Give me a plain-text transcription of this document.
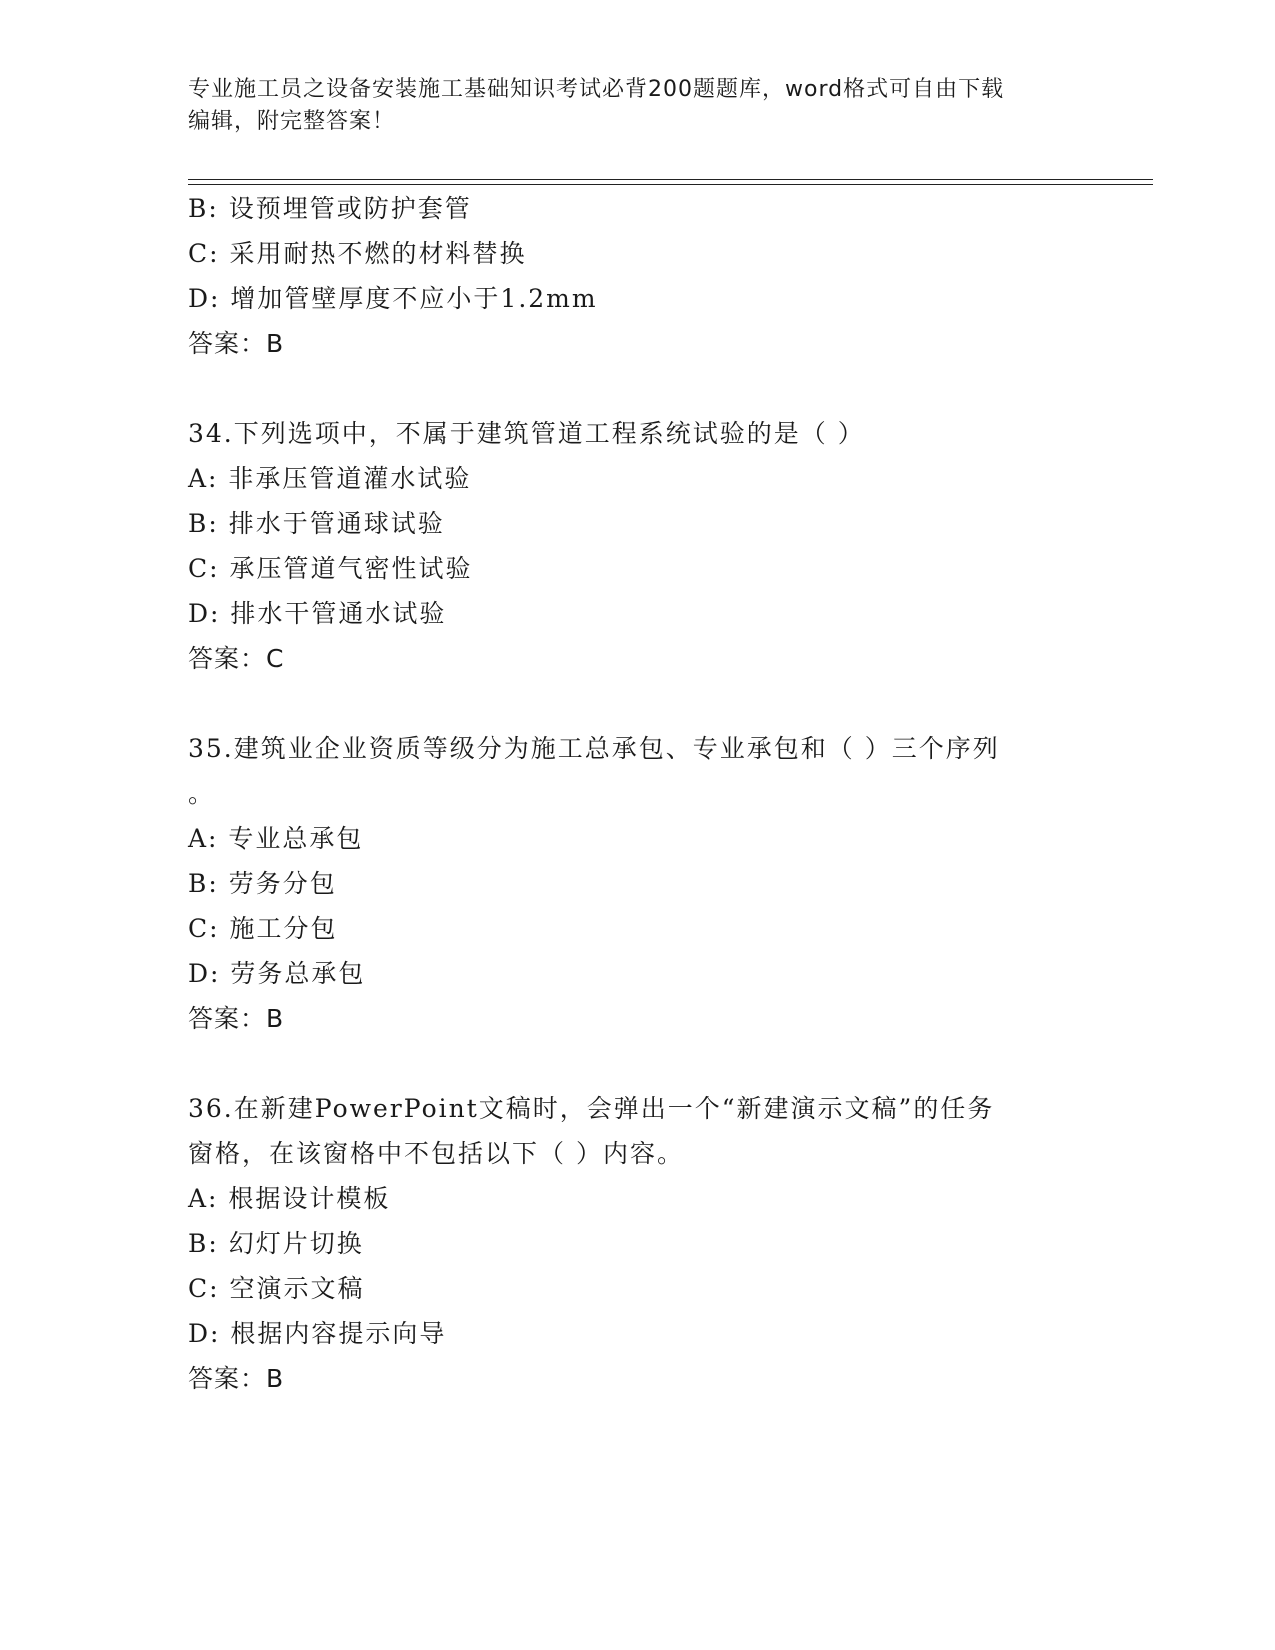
专业施工员之设备安装施工基础知识考试必背200题题库，word格式可自由下载
编辑，附完整答案！
B: 设预埋管或防护套管
C: 采用耐热不燃的材料替换
D: 增加管壁厚度不应小于1.2mm
答案：B
34.下列选项中，不属于建筑管道工程系统试验的是（ ）
A: 非承压管道灌水试验
B: 排水于管通球试验
C: 承压管道气密性试验
D: 排水干管通水试验
答案：C
35.建筑业企业资质等级分为施工总承包、专业承包和（ ）三个序列
。
A: 专业总承包
B: 劳务分包
C: 施工分包
D: 劳务总承包
答案：B
36.在新建PowerPoint文稿时，会弹出一个“新建演示文稿”的任务
窗格，在该窗格中不包括以下（ ）内容。
A: 根据设计模板
B: 幻灯片切换
C: 空演示文稿
D: 根据内容提示向导
答案：B
